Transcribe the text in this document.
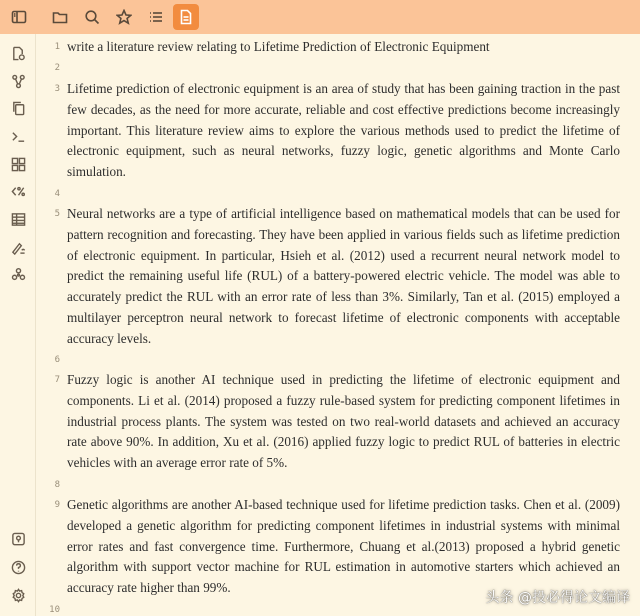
1 write a literature review relating to Lifetime Prediction of Electronic Equipment
2
3 Lifetime prediction of electronic equipment is an area of study that has been gaining traction in the past few decades, as the need for more accurate, reliable and cost effective predictions become increasingly important. This literature review aims to explore the various methods used to predict the lifetime of electronic equipment, such as neural networks, fuzzy logic, genetic algorithms and Monte Carlo simulation.
4
5 Neural networks are a type of artificial intelligence based on mathematical models that can be used for pattern recognition and forecasting. They have been applied in various fields such as lifetime prediction of electronic equipment. In particular, Hsieh et al. (2012) used a recurrent neural network model to predict the remaining useful life (RUL) of a battery-powered electric vehicle. The model was able to accurately predict the RUL with an error rate of less than 3%. Similarly, Tan et al. (2015) employed a multilayer perceptron neural network to forecast lifetime of electronic components with acceptable accuracy levels.
6
7 Fuzzy logic is another AI technique used in predicting the lifetime of electronic equipment and components. Li et al. (2014) proposed a fuzzy rule-based system for predicting component lifetimes in industrial process plants. The system was tested on two real-world datasets and achieved an accuracy rate above 90%. In addition, Xu et al. (2016) applied fuzzy logic to predict RUL of batteries in electric vehicles with an average error rate of 5%.
8
9 Genetic algorithms are another AI-based technique used for lifetime prediction tasks. Chen et al. (2009) developed a genetic algorithm for predicting component lifetimes in industrial systems with minimal error rates and fast convergence time. Furthermore, Chuang et al.(2013) proposed a hybrid genetic algorithm with support vector machine for RUL estimation in automotive starters which achieved an accuracy rate higher than 99%.
10
头条 @投必得论文编译
